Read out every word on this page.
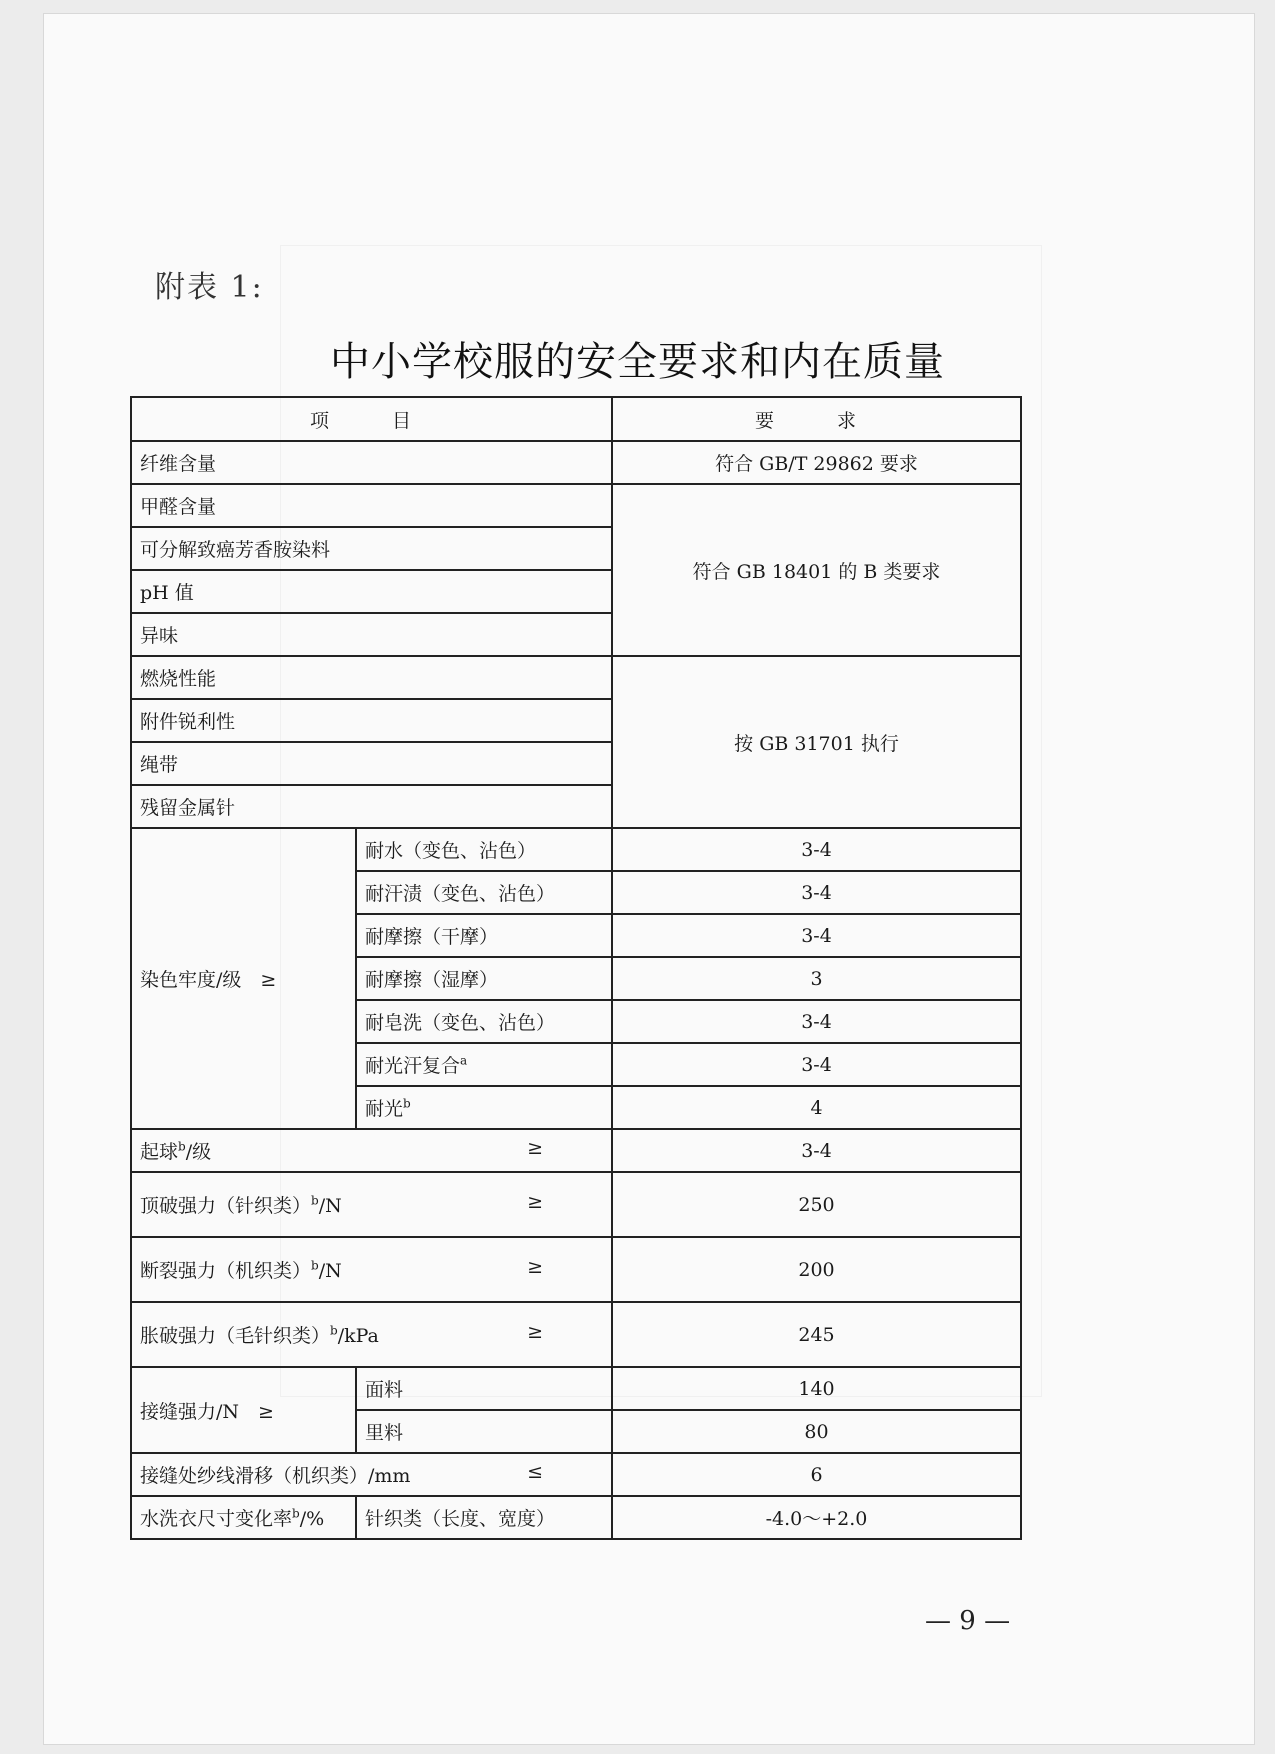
附表 1:
中小学校服的安全要求和内在质量
项　目		要　求
纤维含量		符合 GB/T 29862 要求
甲醛含量		符合 GB 18401 的 B 类要求
可分解致癌芳香胺染料		
pH 值		
异味		
燃烧性能		按 GB 31701 执行
附件锐利性		
绳带		
残留金属针		
染色牢度/级　≥	耐水（变色、沾色）	3-4
	耐汗渍（变色、沾色）	3-4
	耐摩擦（干摩）	3-4
	耐摩擦（湿摩）	3
	耐皂洗（变色、沾色）	3-4
	耐光汗复合$^a$	3-4
	耐光$^b$	4
起球$^b$/级 ≥		3-4
顶破强力（针织类）$^b$/N ≥		250
断裂强力（机织类）$^b$/N ≥		200
胀破强力（毛针织类）$^b$/kPa ≥		245
接缝强力/N　≥	面料	140
	里料	80
接缝处纱线滑移（机织类）/mm ≤		6
水洗衣尺寸变化率$^b$/%	针织类（长度、宽度）	-4.0～+2.0
— 9 —
